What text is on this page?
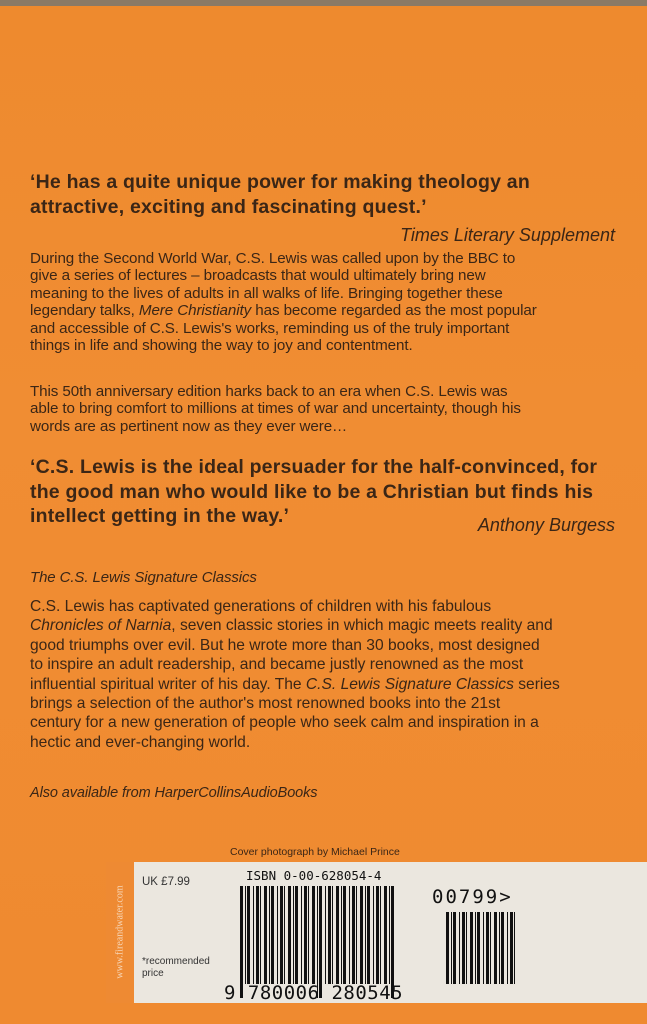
‘He has a quite unique power for making theology an
attractive, exciting and fascinating quest.’
Times Literary Supplement
During the Second World War, C.S. Lewis was called upon by the BBC to
give a series of lectures – broadcasts that would ultimately bring new
meaning to the lives of adults in all walks of life. Bringing together these
legendary talks, Mere Christianity has become regarded as the most popular
and accessible of C.S. Lewis's works, reminding us of the truly important
things in life and showing the way to joy and contentment.
This 50th anniversary edition harks back to an era when C.S. Lewis was
able to bring comfort to millions at times of war and uncertainty, though his
words are as pertinent now as they ever were…
‘C.S. Lewis is the ideal persuader for the half-convinced, for
the good man who would like to be a Christian but finds his
intellect getting in the way.’	Anthony Burgess
The C.S. Lewis Signature Classics
C.S. Lewis has captivated generations of children with his fabulous
Chronicles of Narnia, seven classic stories in which magic meets reality and
good triumphs over evil. But he wrote more than 30 books, most designed
to inspire an adult readership, and became justly renowned as the most
influential spiritual writer of his day. The C.S. Lewis Signature Classics series
brings a selection of the author's most renowned books into the 21st
century for a new generation of people who seek calm and inspiration in a
hectic and ever-changing world.
Also available from HarperCollinsAudioBooks
Cover photograph by Michael Prince
www.fireandwater.com
UK £7.99
*recommended price
ISBN 0-00-628054-4
9 780006 280545
00799>
